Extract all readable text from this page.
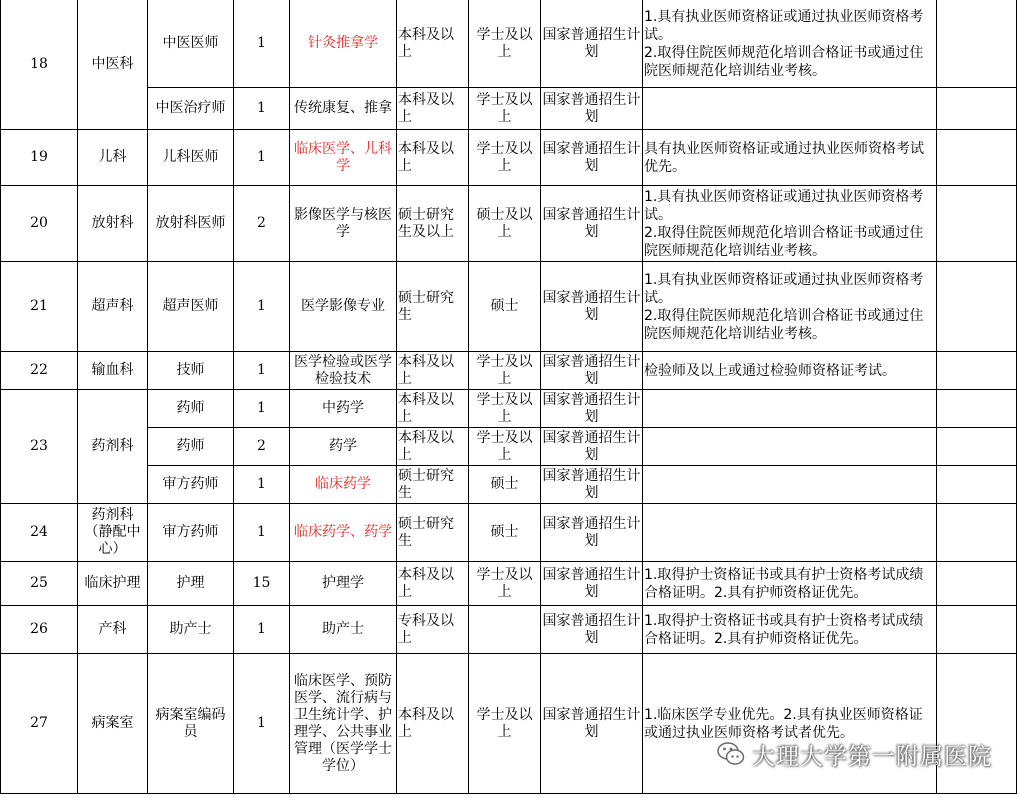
18	中医科	中医医师	1	针灸推拿学	本科及以上	学士及以上	国家普通招生计划	1.具有执业医师资格证或通过执业医师资格考试。
2.取得住院医师规范化培训合格证书或通过住院医师规范化培训结业考核。	
		中医治疗师	1	传统康复、推拿	本科及以上	学士及以上	国家普通招生计划		
19	儿科	儿科医师	1	临床医学、儿科学	本科及以上	学士及以上	国家普通招生计划	具有执业医师资格证或通过执业医师资格考试优先。	
20	放射科	放射科医师	2	影像医学与核医学	硕士研究生及以上	硕士及以上	国家普通招生计划	1.具有执业医师资格证或通过执业医师资格考试。
2.取得住院医师规范化培训合格证书或通过住院医师规范化培训结业考核。	
21	超声科	超声医师	1	医学影像专业	硕士研究生	硕士	国家普通招生计划	1.具有执业医师资格证或通过执业医师资格考试。
2.取得住院医师规范化培训合格证书或通过住院医师规范化培训结业考核。	
22	输血科	技师	1	医学检验或医学检验技术	本科及以上	学士及以上	国家普通招生计划	检验师及以上或通过检验师资格证考试。	
23	药剂科	药师	1	中药学	本科及以上	学士及以上	国家普通招生计划		
		药师	2	药学	本科及以上	学士及以上	国家普通招生计划		
		审方药师	1	临床药学	硕士研究生	硕士	国家普通招生计划		
24	药剂科（静配中心）	审方药师	1	临床药学、药学	硕士研究生	硕士	国家普通招生计划		
25	临床护理	护理	15	护理学	本科及以上	学士及以上	国家普通招生计划	1.取得护士资格证书或具有护士资格考试成绩合格证明。2.具有护师资格证优先。	
26	产科	助产士	1	助产士	专科及以上		国家普通招生计划	1.取得护士资格证书或具有护士资格考试成绩合格证明。2.具有护师资格证优先。	
27	病案室	病案室编码员	1	临床医学、预防医学、流行病与卫生统计学、护理学、公共事业管理（医学学士学位）	本科及以上	学士及以上	国家普通招生计划	1.临床医学专业优先。2.具有执业医师资格证或通过执业医师资格考试者优先。	
大理大学第一附属医院
